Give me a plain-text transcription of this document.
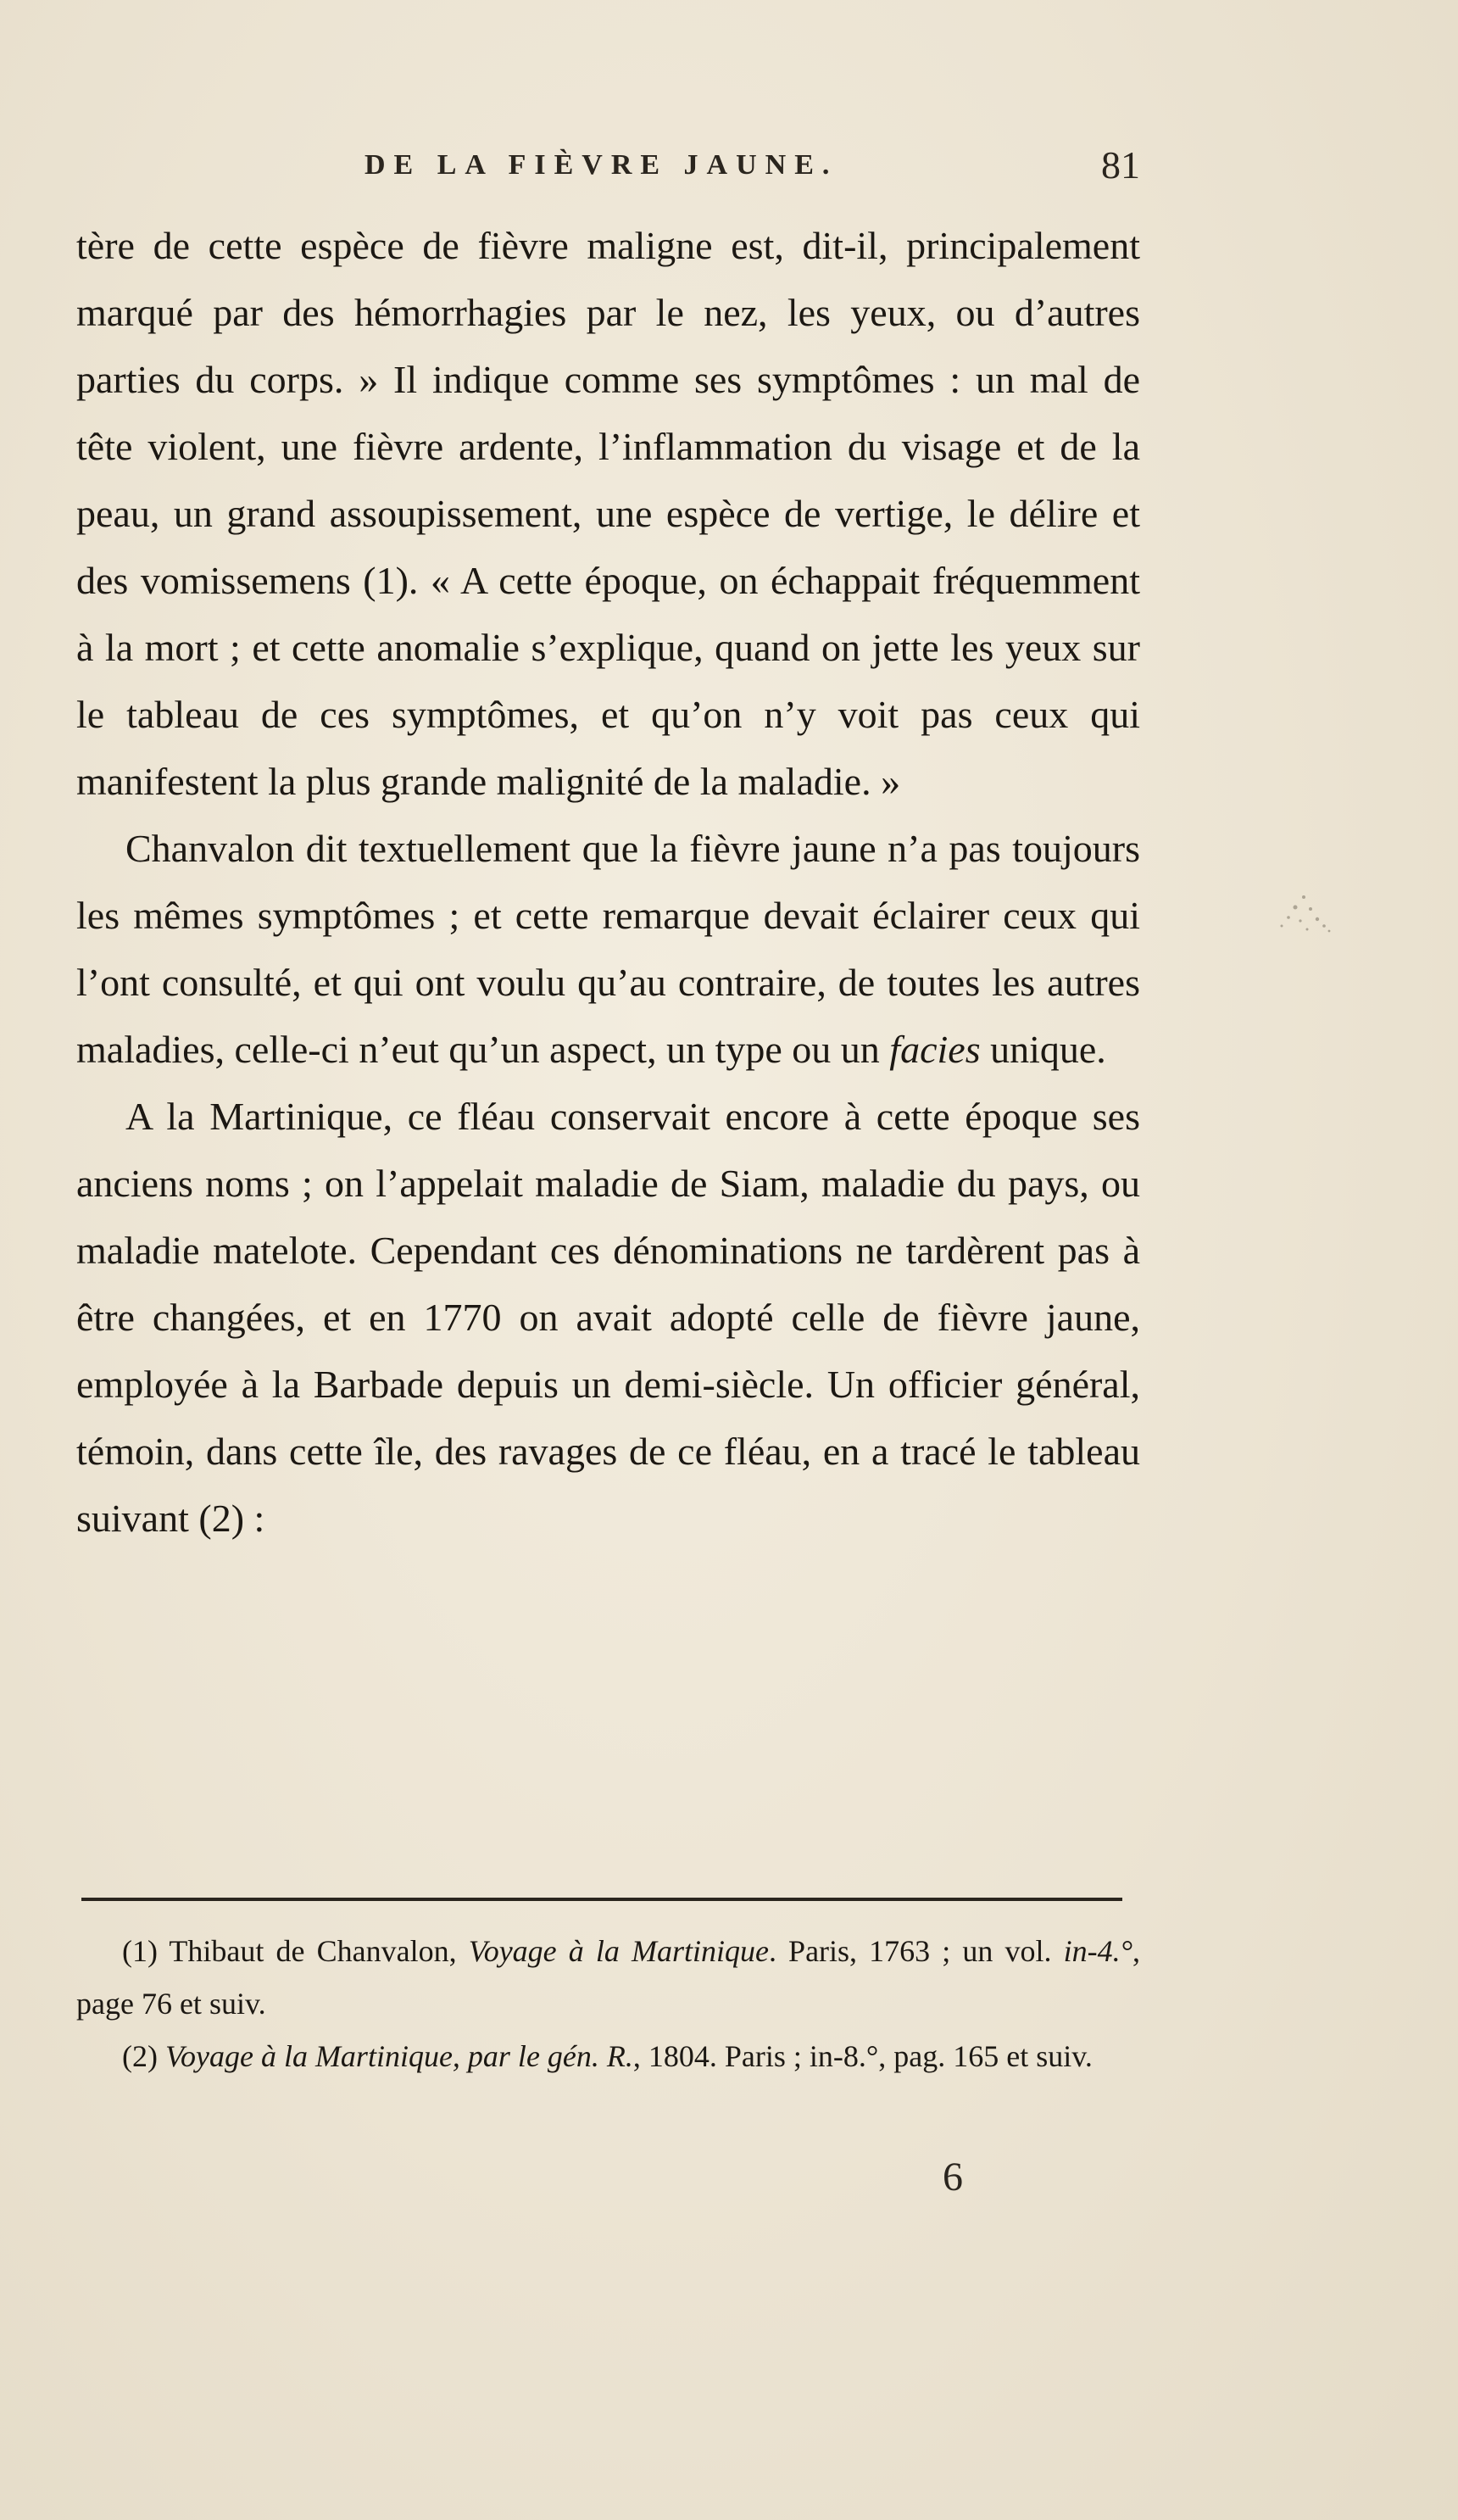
DE LA FIÈVRE JAUNE.	81

tère de cette espèce de fièvre maligne est, dit-il, principalement marqué par des hémorrhagies par le nez, les yeux, ou d’autres parties du corps. » Il indique comme ses symptômes : un mal de tête violent, une fièvre ardente, l’inflammation du visage et de la peau, un grand assoupissement, une espèce de vertige, le délire et des vomissemens (1). « A cette époque, on échappait fréquemment à la mort ; et cette anomalie s’explique, quand on jette les yeux sur le tableau de ces symptômes, et qu’on n’y voit pas ceux qui manifestent la plus grande malignité de la maladie. »

Chanvalon dit textuellement que la fièvre jaune n’a pas toujours les mêmes symptômes ; et cette remarque devait éclairer ceux qui l’ont consulté, et qui ont voulu qu’au contraire, de toutes les autres maladies, celle-ci n’eut qu’un aspect, un type ou un facies unique.

A la Martinique, ce fléau conservait encore à cette époque ses anciens noms ; on l’appelait maladie de Siam, maladie du pays, ou maladie matelote. Cependant ces dénominations ne tardèrent pas à être changées, et en 1770 on avait adopté celle de fièvre jaune, employée à la Barbade depuis un demi-siècle. Un officier général, témoin, dans cette île, des ravages de ce fléau, en a tracé le tableau suivant (2) :

(1) Thibaut de Chanvalon, Voyage à la Martinique. Paris, 1763 ; un vol. in-4.°, page 76 et suiv.

(2) Voyage à la Martinique, par le gén. R., 1804. Paris ; in-8.°, pag. 165 et suiv.

6
